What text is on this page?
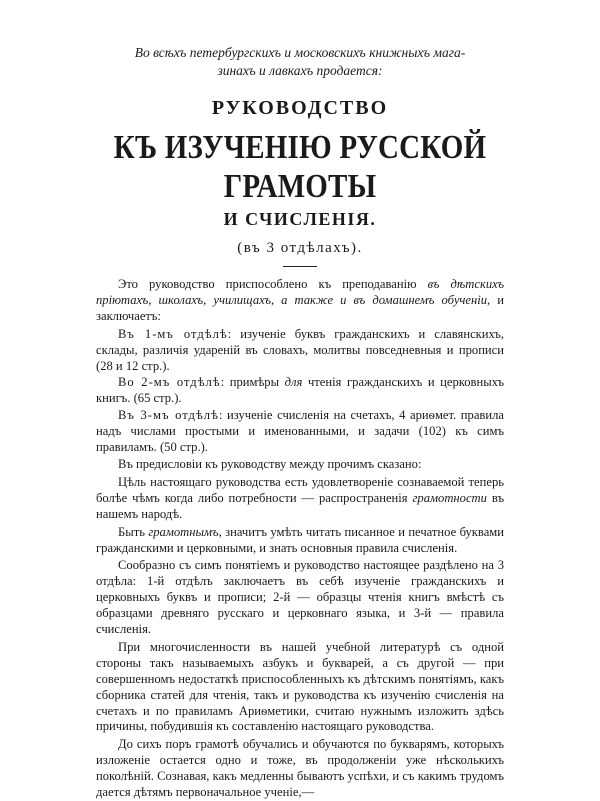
Во всѣхъ петербургскихъ и московскихъ книжныхъ мага-
зинахъ и лавкахъ продается:
РУКОВОДСТВО
КЪ ИЗУЧЕНІЮ РУССКОЙ ГРАМОТЫ
И СЧИСЛЕНІЯ.
(въ 3 отдѣлахъ).

Это руководство приспособлено къ преподаванію въ дѣтскихъ пріютахъ, школахъ, училищахъ, а также и въ домашнемъ обученіи, и заключаетъ:

Въ 1-мъ отдѣлѣ: изученіе буквъ гражданскихъ и славянскихъ, склады, различія удареній въ словахъ, молитвы повседневныя и прописи (28 и 12 стр.).

Во 2-мъ отдѣлѣ: примѣры для чтенія гражданскихъ и церковныхъ книгъ. (65 стр.).

Въ 3-мъ отдѣлѣ: изученіе счисленія на счетахъ, 4 ариѳмет. правила надъ числами простыми и именованными, и задачи (102) къ симъ правиламъ. (50 стр.).

Въ предисловіи къ руководству между прочимъ сказано:

Цѣль настоящаго руководства есть удовлетвореніе сознаваемой теперь болѣе чѣмъ когда либо потребности — распространенія грамотности въ нашемъ народѣ.

Быть грамотнымъ, значитъ умѣть читать писанное и печатное буквами гражданскими и церковными, и знать основныя правила счисленія.

Сообразно съ симъ понятіемъ и руководство настоящее раздѣлено на 3 отдѣла: 1-й отдѣлъ заключаетъ въ себѣ изученіе гражданскихъ и церковныхъ буквъ и прописи; 2-й — образцы чтенія книгъ вмѣстѣ съ образцами древняго русскаго и церковнаго языка, и 3-й — правила счисленія.

При многочисленности въ нашей учебной литературѣ съ одной стороны такъ называемыхъ азбукъ и букварей, а съ другой — при совершенномъ недостаткѣ приспособленныхъ къ дѣтскимъ понятіямъ, какъ сборника статей для чтенія, такъ и руководства къ изученію счисленія на счетахъ и по правиламъ Ариѳметики, считаю нужнымъ изложить здѣсь причины, побудившія къ составленію настоящаго руководства.

До сихъ поръ грамотѣ обучались и обучаются по букварямъ, которыхъ изложеніе остается одно и тоже, въ продолженіи уже нѣсколькихъ поколѣній. Сознавая, какъ медленны бываютъ успѣхи, и съ какимъ трудомъ дается дѣтямъ первоначальное ученіе,—
